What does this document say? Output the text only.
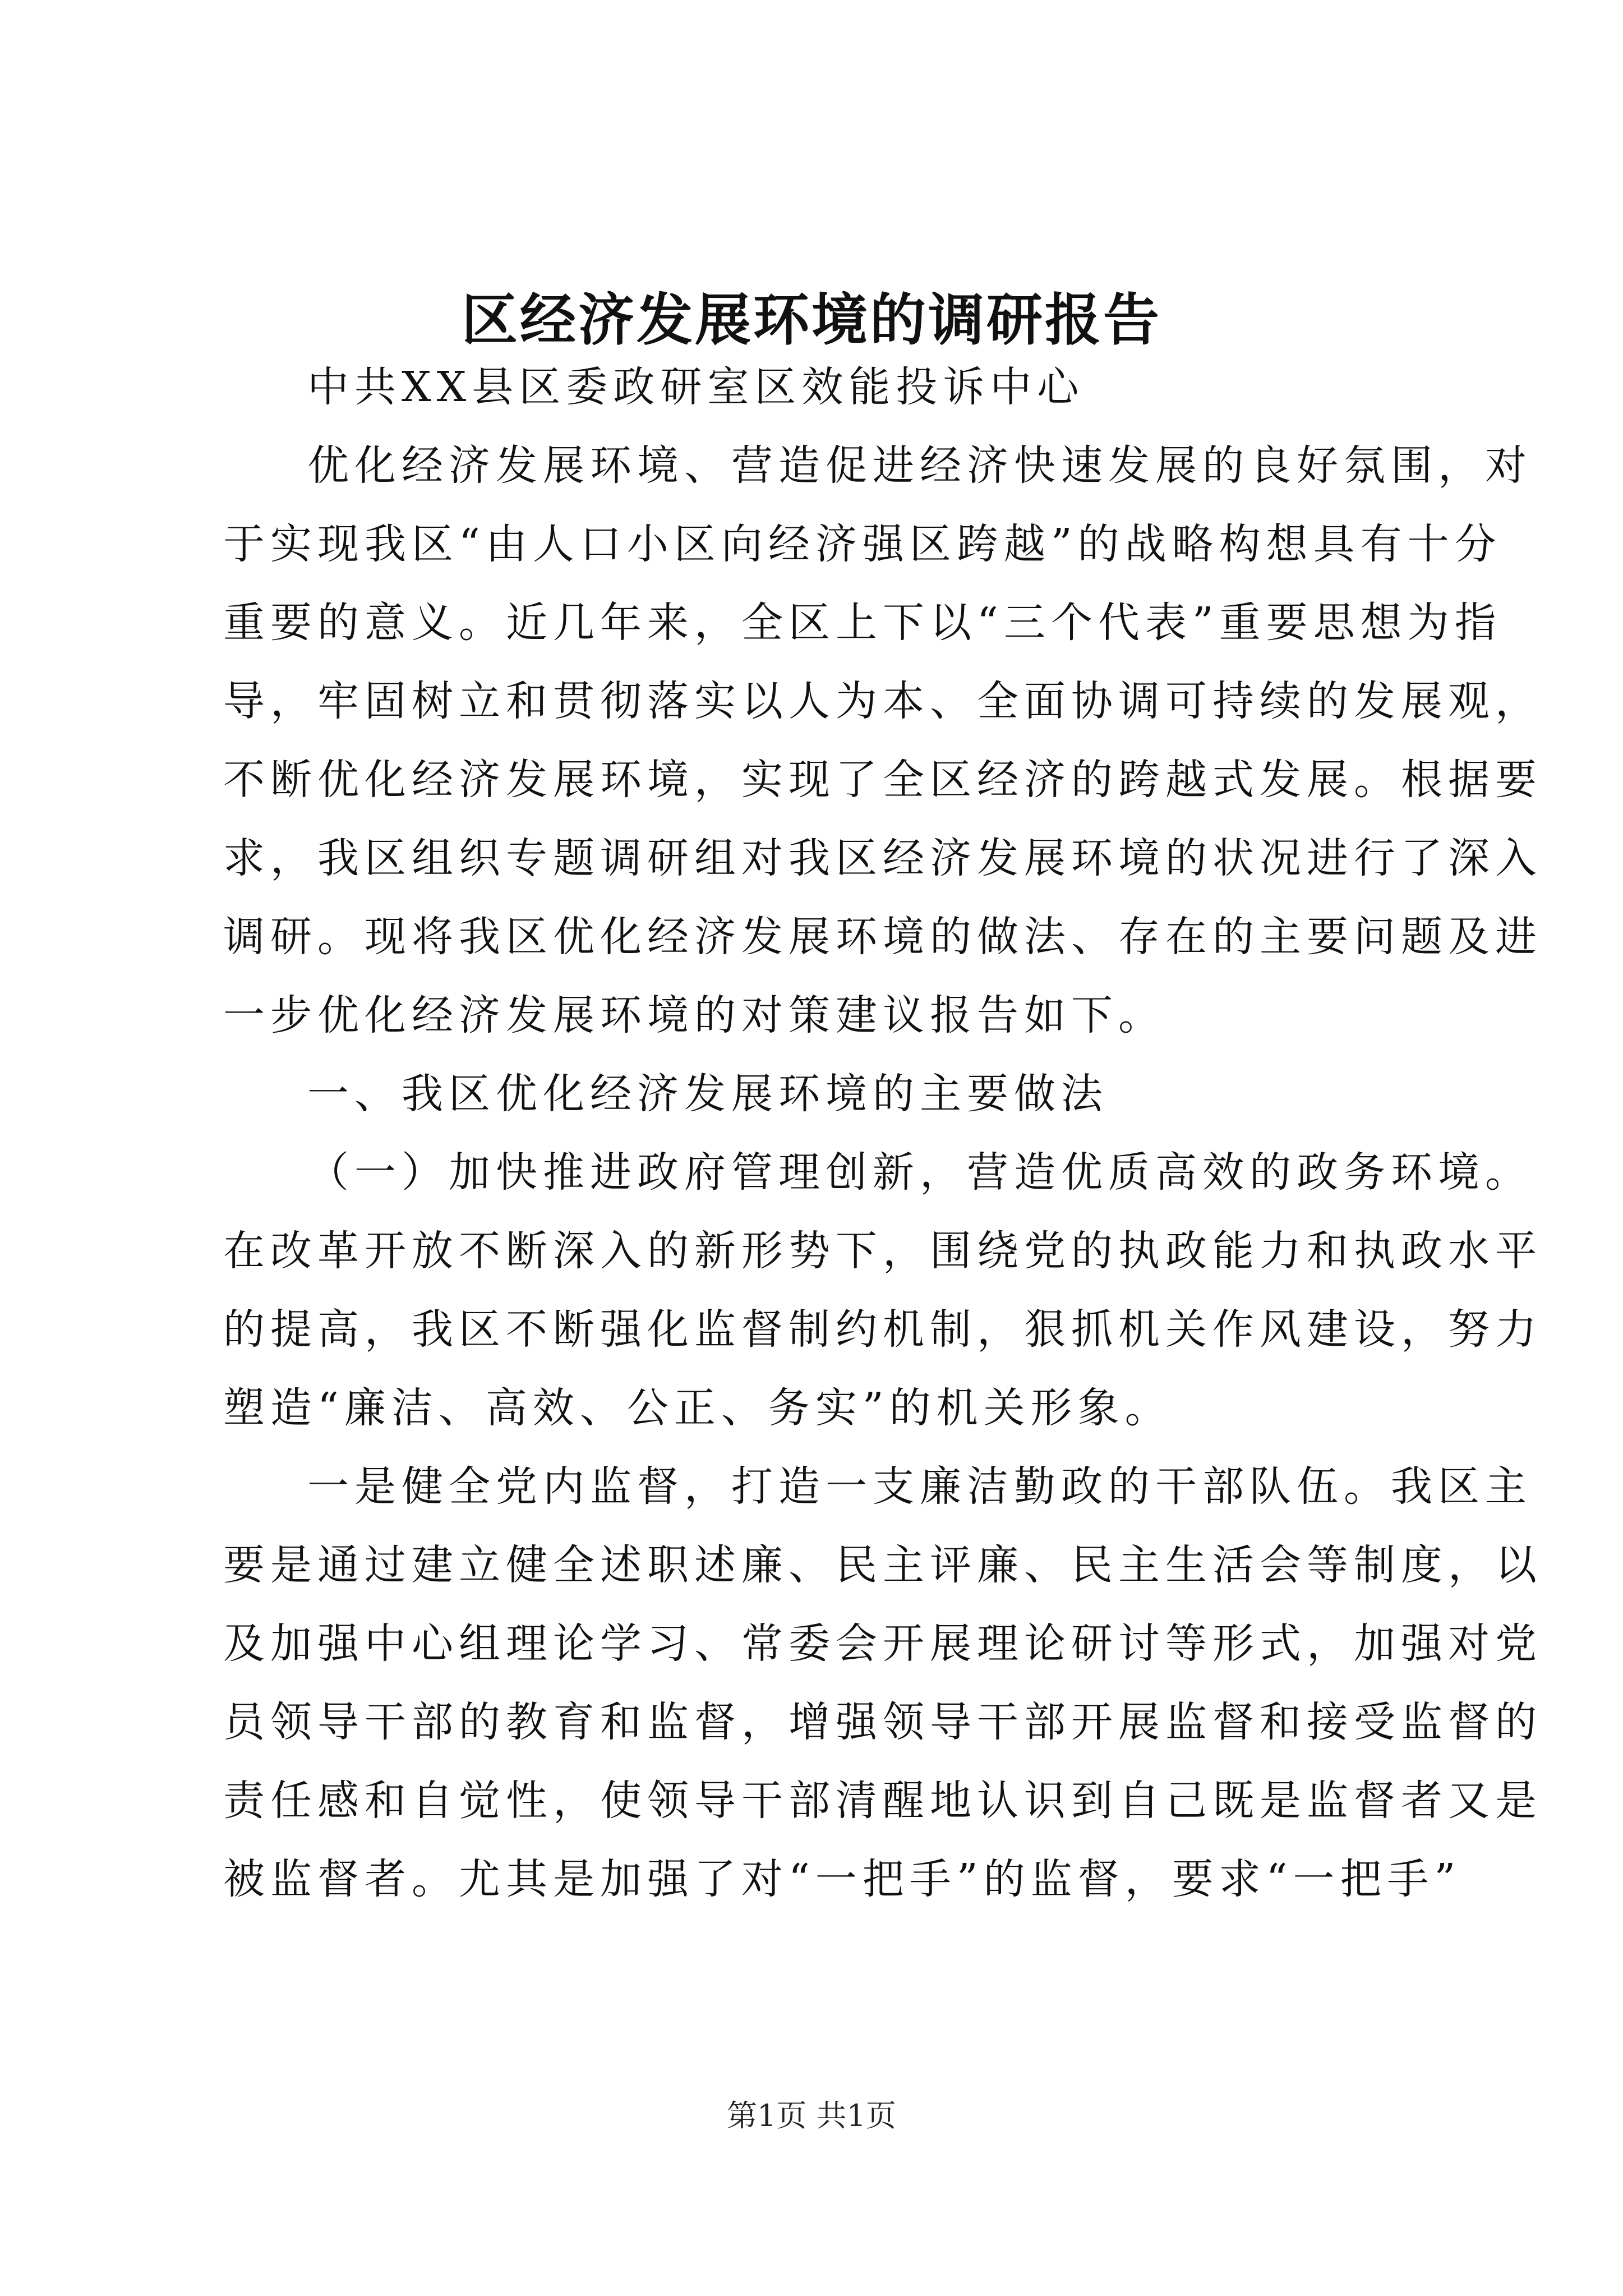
区经济发展环境的调研报告
中共XX县区委政研室区效能投诉中心
优化经济发展环境、营造促进经济快速发展的良好氛围，对
于实现我区“由人口小区向经济强区跨越”的战略构想具有十分
重要的意义。近几年来，全区上下以“三个代表”重要思想为指
导，牢固树立和贯彻落实以人为本、全面协调可持续的发展观，
不断优化经济发展环境，实现了全区经济的跨越式发展。根据要
求，我区组织专题调研组对我区经济发展环境的状况进行了深入
调研。现将我区优化经济发展环境的做法、存在的主要问题及进
一步优化经济发展环境的对策建议报告如下。
一、我区优化经济发展环境的主要做法
（一）加快推进政府管理创新，营造优质高效的政务环境。
在改革开放不断深入的新形势下，围绕党的执政能力和执政水平
的提高，我区不断强化监督制约机制，狠抓机关作风建设，努力
塑造“廉洁、高效、公正、务实”的机关形象。
一是健全党内监督，打造一支廉洁勤政的干部队伍。我区主
要是通过建立健全述职述廉、民主评廉、民主生活会等制度，以
及加强中心组理论学习、常委会开展理论研讨等形式，加强对党
员领导干部的教育和监督，增强领导干部开展监督和接受监督的
责任感和自觉性，使领导干部清醒地认识到自己既是监督者又是
被监督者。尤其是加强了对“一把手”的监督，要求“一把手”
第1页 共1页
